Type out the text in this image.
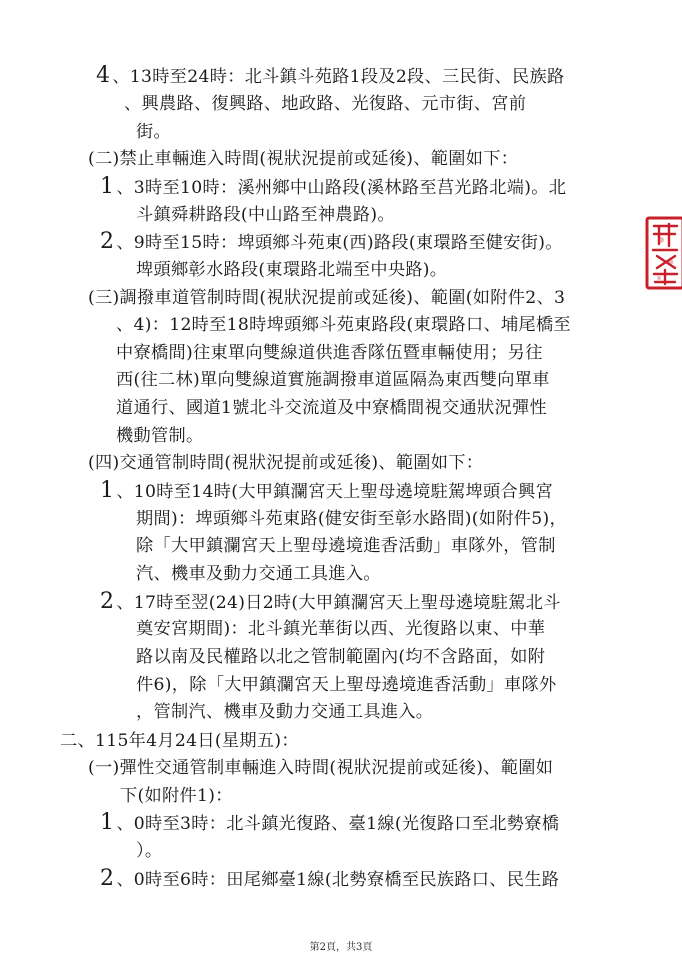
4 、13時至24時：北斗鎮斗苑路1段及2段、三民街、民族路
、興農路、復興路、地政路、光復路、元市街、宮前
街。
(二)禁止車輛進入時間(視狀況提前或延後)、範圍如下：
1 、3時至10時：溪州鄉中山路段(溪林路至莒光路北端)。北
斗鎮舜耕路段(中山路至神農路)。
2 、9時至15時：埤頭鄉斗苑東(西)路段(東環路至健安街)。
埤頭鄉彰水路段(東環路北端至中央路)。
(三)調撥車道管制時間(視狀況提前或延後)、範圍(如附件2、3
、4)：12時至18時埤頭鄉斗苑東路段(東環路口、埔尾橋至
中寮橋間)往東單向雙線道供進香隊伍暨車輛使用；另往
西(往二林)單向雙線道實施調撥車道區隔為東西雙向單車
道通行、國道1號北斗交流道及中寮橋間視交通狀況彈性
機動管制。
(四)交通管制時間(視狀況提前或延後)、範圍如下：
1 、10時至14時(大甲鎮瀾宮天上聖母遶境駐駕埤頭合興宮
期間)：埤頭鄉斗苑東路(健安街至彰水路間)(如附件5)，
除「大甲鎮瀾宮天上聖母遶境進香活動」車隊外，管制
汽、機車及動力交通工具進入。
2 、17時至翌(24)日2時(大甲鎮瀾宮天上聖母遶境駐駕北斗
奠安宮期間)：北斗鎮光華街以西、光復路以東、中華
路以南及民權路以北之管制範圍內(均不含路面，如附
件6)，除「大甲鎮瀾宮天上聖母遶境進香活動」車隊外
，管制汽、機車及動力交通工具進入。
二、115年4月24日(星期五)：
(一)彈性交通管制車輛進入時間(視狀況提前或延後)、範圍如
下(如附件1)：
1 、0時至3時：北斗鎮光復路、臺1線(光復路口至北勢寮橋
）。
2 、0時至6時：田尾鄉臺1線(北勢寮橋至民族路口、民生路
第2頁，共3頁
